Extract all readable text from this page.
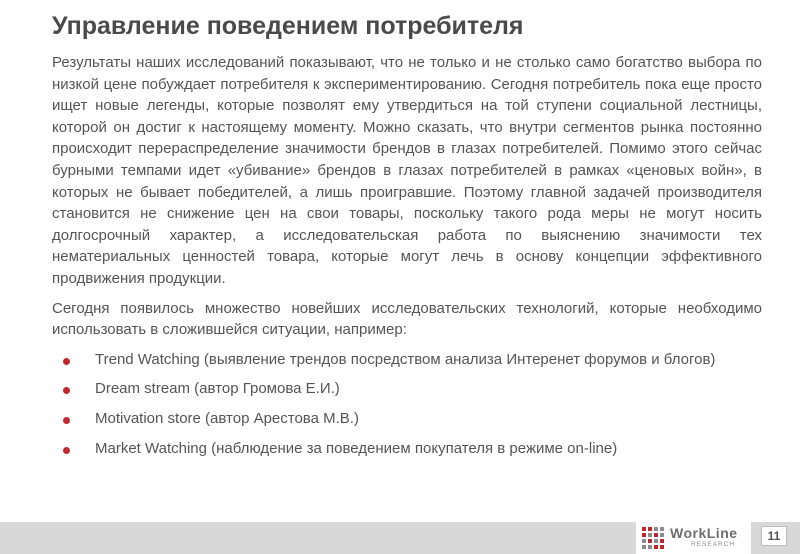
Управление поведением потребителя

Результаты наших исследований показывают, что не только и не столько само богатство выбора по низкой цене побуждает потребителя к экспериментированию. Сегодня потребитель пока еще просто ищет новые легенды, которые позволят ему утвердиться на той ступени социальной лестницы, которой он достиг к настоящему моменту. Можно сказать, что внутри сегментов рынка постоянно происходит перераспределение значимости брендов в глазах потребителей. Помимо этого сейчас бурными темпами идет «убивание» брендов в глазах потребителей в рамках «ценовых войн», в которых не бывает победителей, а лишь проигравшие. Поэтому главной задачей производителя становится не снижение цен на свои товары, поскольку такого рода меры не могут носить долгосрочный характер, а исследовательская работа по выяснению значимости тех нематериальных ценностей товара, которые могут лечь в основу концепции эффективного продвижения продукции.

Сегодня появилось множество новейших исследовательских технологий, которые необходимо использовать в сложившейся ситуации, например:

Trend Watching (выявление трендов посредством анализа Интеренет форумов и блогов)
Dream stream (автор Громова Е.И.)
Motivation store (автор Арестова М.В.)
Market Watching (наблюдение за поведением покупателя в режиме on-line)
WorkLine
RESEARCH
11
